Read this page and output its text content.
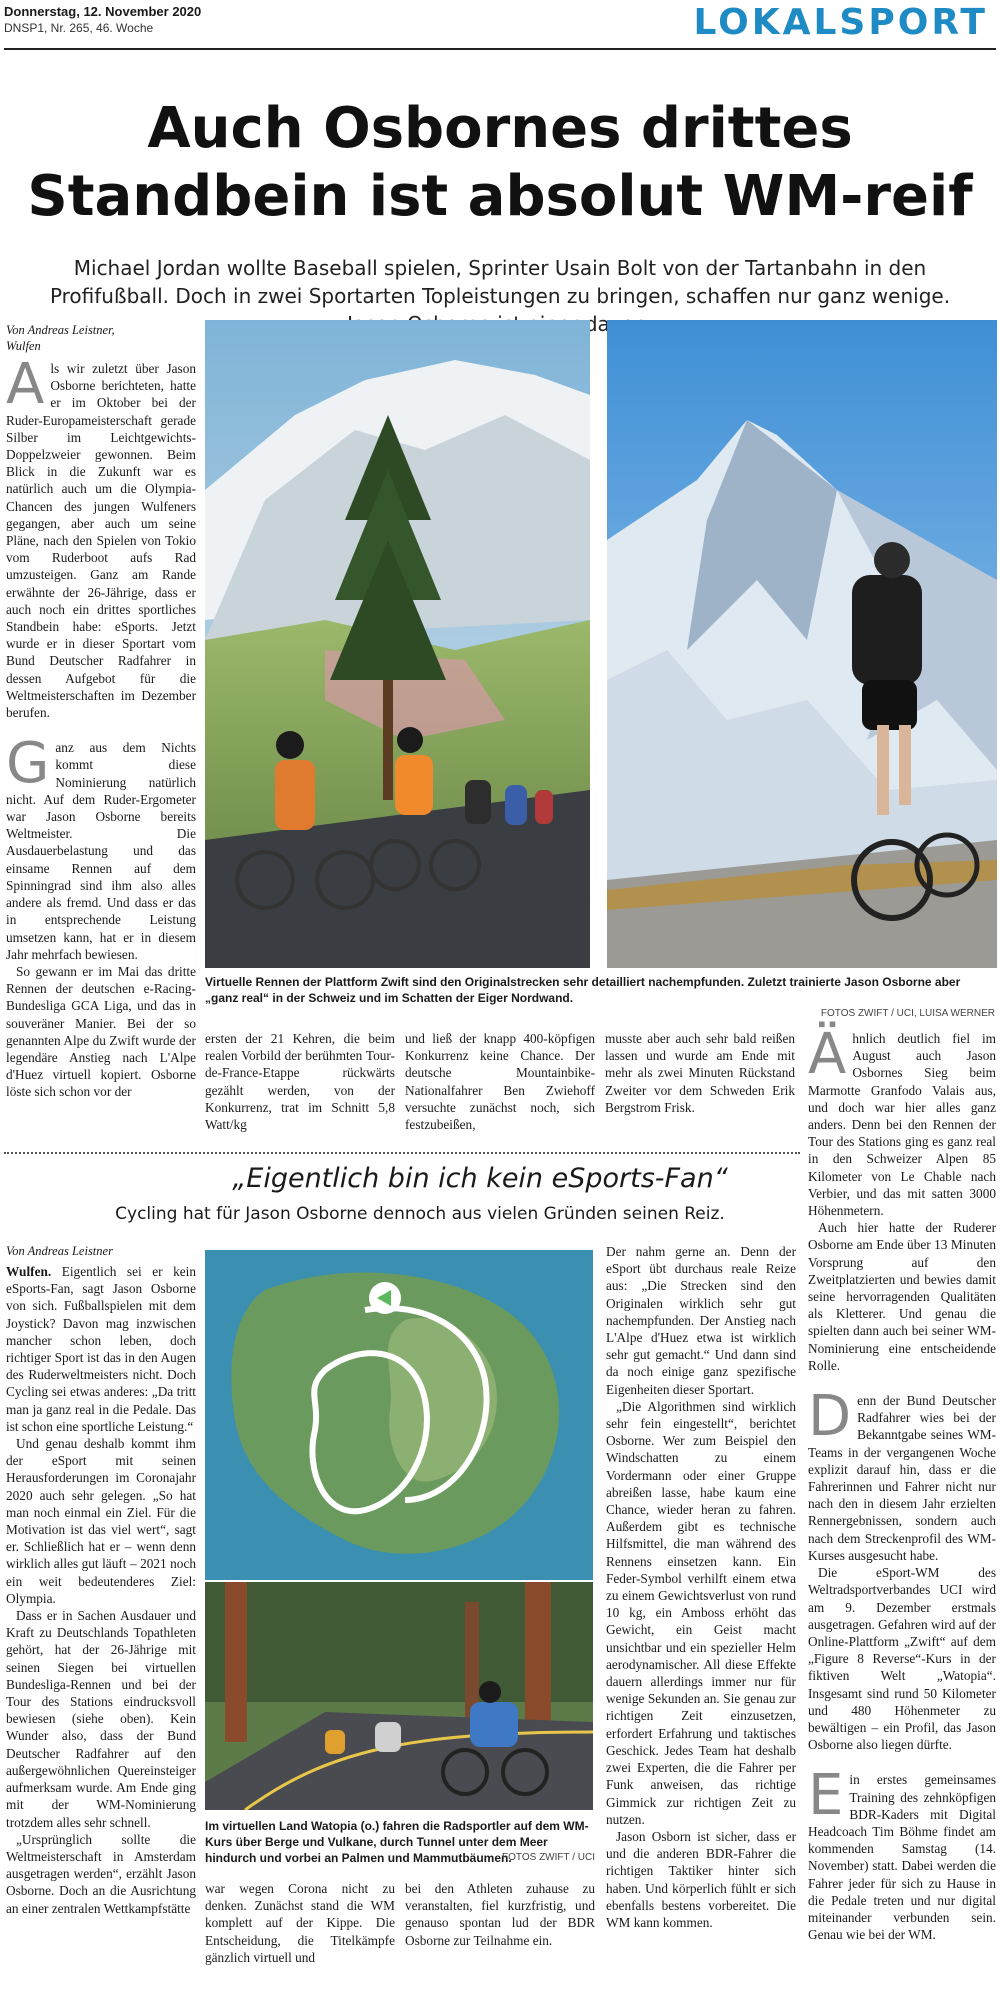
Donnerstag, 12. November 2020
DNSP1, Nr. 265, 46. Woche	LOKALSPORT
Auch Osbornes drittes
Standbein ist absolut WM-reif
Michael Jordan wollte Baseball spielen, Sprinter Usain Bolt von der Tartanbahn in den Profifußball. Doch in zwei Sportarten Topleistungen zu bringen, schaffen nur ganz wenige.
Von Andreas Leistner,
Wulfen

Als wir zuletzt über Jason Osborne berichteten, hatte er im Oktober bei der Ruder-Europameisterschaft gerade Silber im Leichtgewichts-Doppelzweier gewonnen. Beim Blick in die Zukunft war es natürlich auch um die Olympia-Chancen des jungen Wulfeners gegangen, aber auch um seine Pläne, nach den Spielen von Tokio vom Ruderboot aufs Rad umzusteigen. Ganz am Rande erwähnte der 26-Jährige, dass er auch noch ein drittes sportliches Standbein habe: eSports. Jetzt wurde er in dieser Sportart vom Bund Deutscher Radfahrer in dessen Aufgebot für die Weltmeisterschaften im Dezember berufen.

Ganz aus dem Nichts kommt diese Nominierung natürlich nicht. Auf dem Ruder-Ergometer war Jason Osborne bereits Weltmeister. Die Ausdauerbelastung und das einsame Rennen auf dem Spinningrad sind ihm also alles andere als fremd. Und dass er das in entsprechende Leistung umsetzen kann, hat er in diesem Jahr mehrfach bewiesen.

So gewann er im Mai das dritte Rennen der deutschen e-Racing-Bundesliga GCA Liga, und das in souveräner Manier. Bei der so genannten Alpe du Zwift wurde der legendäre Anstieg nach L'Alpe d'Huez virtuell kopiert. Osborne löste sich schon vor der

Virtuelle Rennen der Plattform Zwift sind den Originalstrecken sehr detailliert nachempfunden. Zuletzt trainierte Jason Osborne aber „ganz real“ in der Schweiz und im Schatten der Eiger Nordwand.
FOTOS ZWIFT / UCI, LUISA WERNER
ersten der 21 Kehren, die beim realen Vorbild der berühmten Tour-de-France-Etappe rückwärts gezählt werden, von der Konkurrenz, trat im Schnitt 5,8 Watt/kg
und ließ der knapp 400-köpfigen Konkurrenz keine Chance. Der deutsche Mountainbike-Nationalfahrer Ben Zwiehoff versuchte zunächst noch, sich festzubeißen,
musste aber auch sehr bald reißen lassen und wurde am Ende mit mehr als zwei Minuten Rückstand Zweiter vor dem Schweden Erik Bergstrom Frisk.

Ähnlich deutlich fiel im August auch Jason Osbornes Sieg beim Marmotte Granfodo Valais aus, und doch war hier alles ganz anders. Denn bei den Rennen der Tour des Stations ging es ganz real in den Schweizer Alpen 85 Kilometer von Le Chable nach Verbier, und das mit satten 3000 Höhenmetern.

Auch hier hatte der Ruderer Osborne am Ende über 13 Minuten Vorsprung auf den Zweitplatzierten und bewies damit seine hervorragenden Qualitäten als Kletterer. Und genau die spielten dann auch bei seiner WM-Nominierung eine entscheidende Rolle.

Denn der Bund Deutscher Radfahrer wies bei der Bekanntgabe seines WM-Teams in der vergangenen Woche explizit darauf hin, dass er die Fahrerinnen und Fahrer nicht nur nach den in diesem Jahr erzielten Rennergebnissen, sondern auch nach dem Streckenprofil des WM-Kurses ausgesucht habe.

Die eSport-WM des Weltradsportverbandes UCI wird am 9. Dezember erstmals ausgetragen. Gefahren wird auf der Online-Plattform „Zwift“ auf dem „Figure 8 Reverse“-Kurs in der fiktiven Welt „Watopia“. Insgesamt sind rund 50 Kilometer und 480 Höhenmeter zu bewältigen – ein Profil, das Jason Osborne also liegen dürfte.

Ein erstes gemeinsames Training des zehnköpfigen BDR-Kaders mit Digital Headcoach Tim Böhme findet am kommenden Samstag (14. November) statt. Dabei werden die Fahrer jeder für sich zu Hause in die Pedale treten und nur digital miteinander verbunden sein. Genau wie bei der WM.

„Eigentlich bin ich kein eSports-Fan“
Cycling hat für Jason Osborne dennoch aus vielen Gründen seinen Reiz.
Von Andreas Leistner

Wulfen. Eigentlich sei er kein eSports-Fan, sagt Jason Osborne von sich. Fußballspielen mit dem Joystick? Davon mag inzwischen mancher schon leben, doch richtiger Sport ist das in den Augen des Ruderweltmeisters nicht. Doch Cycling sei etwas anderes: „Da tritt man ja ganz real in die Pedale. Das ist schon eine sportliche Leistung.“

Und genau deshalb kommt ihm der eSport mit seinen Herausforderungen im Coronajahr 2020 auch sehr gelegen. „So hat man noch einmal ein Ziel. Für die Motivation ist das viel wert“, sagt er. Schließlich hat er – wenn denn wirklich alles gut läuft – 2021 noch ein weit bedeutenderes Ziel: Olympia.

Dass er in Sachen Ausdauer und Kraft zu Deutschlands Topathleten gehört, hat der 26-Jährige mit seinen Siegen bei virtuellen Bundesliga-Rennen und bei der Tour des Stations eindrucksvoll bewiesen (siehe oben). Kein Wunder also, dass der Bund Deutscher Radfahrer auf den außergewöhnlichen Quereinsteiger aufmerksam wurde. Am Ende ging mit der WM-Nominierung trotzdem alles sehr schnell.

„Ursprünglich sollte die Weltmeisterschaft in Amsterdam ausgetragen werden“, erzählt Jason Osborne. Doch an die Ausrichtung an einer zentralen Wettkampfstätte

Im virtuellen Land Watopia (o.) fahren die Radsportler auf dem WM-Kurs über Berge und Vulkane, durch Tunnel unter dem Meer hindurch und vorbei an Palmen und Mammutbäumen.
FOTOS ZWIFT / UCI
war wegen Corona nicht zu denken. Zunächst stand die WM komplett auf der Kippe. Die Entscheidung, die Titelkämpfe gänzlich virtuell und
bei den Athleten zuhause zu veranstalten, fiel kurzfristig, und genauso spontan lud der BDR Osborne zur Teilnahme ein.

Der nahm gerne an. Denn der eSport übt durchaus reale Reize aus: „Die Strecken sind den Originalen wirklich sehr gut nachempfunden. Der Anstieg nach L'Alpe d'Huez etwa ist wirklich sehr gut gemacht.“ Und dann sind da noch einige ganz spezifische Eigenheiten dieser Sportart.

„Die Algorithmen sind wirklich sehr fein eingestellt“, berichtet Osborne. Wer zum Beispiel den Windschatten zu einem Vordermann oder einer Gruppe abreißen lasse, habe kaum eine Chance, wieder heran zu fahren. Außerdem gibt es technische Hilfsmittel, die man während des Rennens einsetzen kann. Ein Feder-Symbol verhilft einem etwa zu einem Gewichtsverlust von rund 10 kg, ein Amboss erhöht das Gewicht, ein Geist macht unsichtbar und ein spezieller Helm aerodynamischer. All diese Effekte dauern allerdings immer nur für wenige Sekunden an. Sie genau zur richtigen Zeit einzusetzen, erfordert Erfahrung und taktisches Geschick. Jedes Team hat deshalb zwei Experten, die die Fahrer per Funk anweisen, das richtige Gimmick zur richtigen Zeit zu nutzen.

Jason Osborn ist sicher, dass er und die anderen BDR-Fahrer die richtigen Taktiker hinter sich haben. Und körperlich fühlt er sich ebenfalls bestens vorbereitet. Die WM kann kommen.
